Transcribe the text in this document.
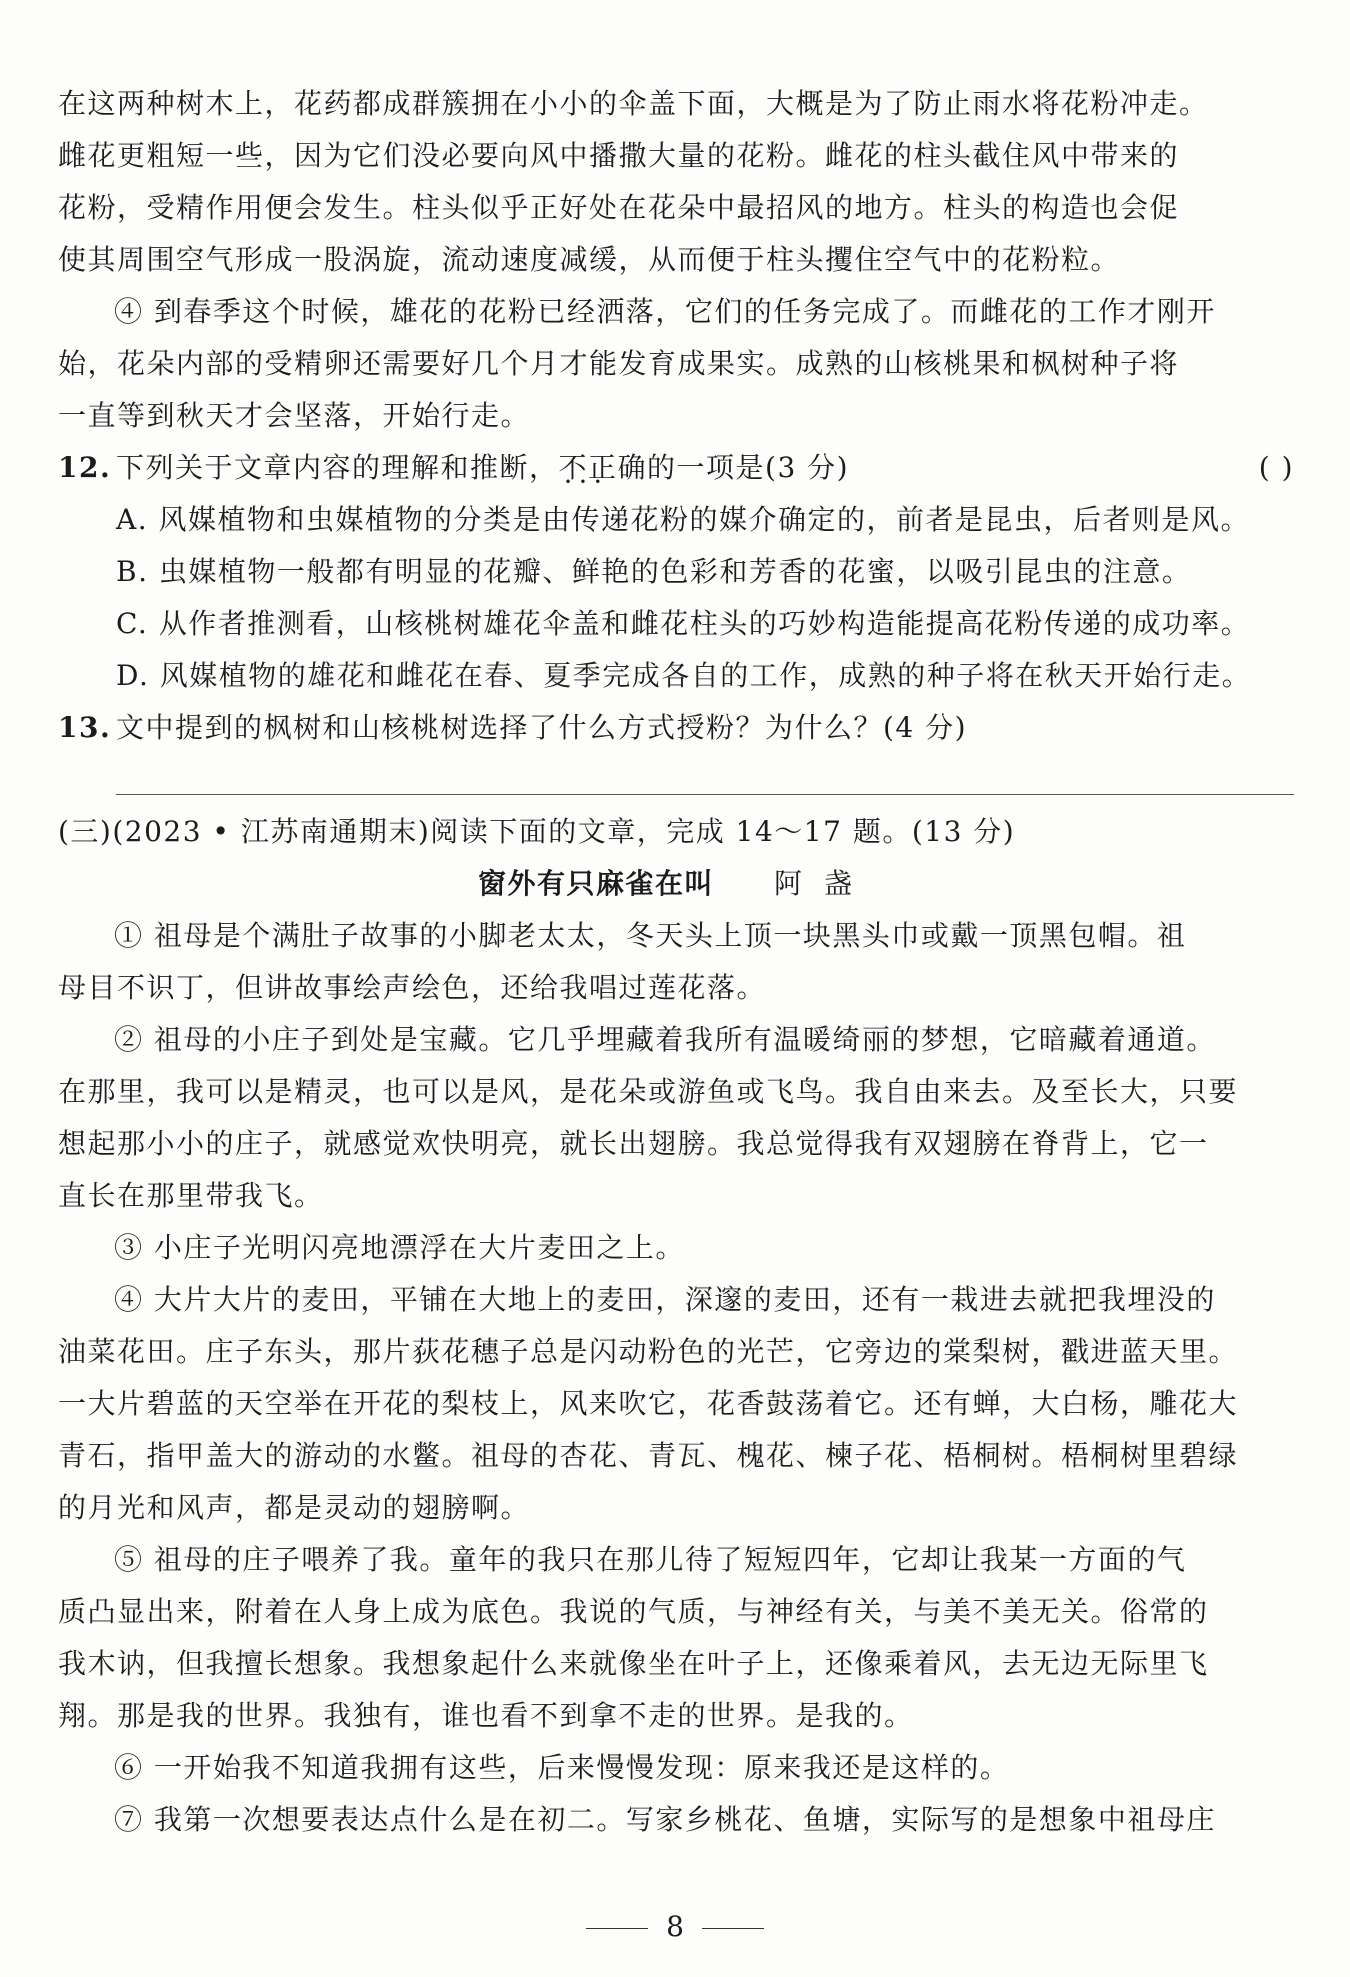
在这两种树木上，花药都成群簇拥在小小的伞盖下面，大概是为了防止雨水将花粉冲走。
雌花更粗短一些，因为它们没必要向风中播撒大量的花粉。雌花的柱头截住风中带来的
花粉，受精作用便会发生。柱头似乎正好处在花朵中最招风的地方。柱头的构造也会促
使其周围空气形成一股涡旋，流动速度减缓，从而便于柱头攫住空气中的花粉粒。
④ 到春季这个时候，雄花的花粉已经洒落，它们的任务完成了。而雌花的工作才刚开
始，花朵内部的受精卵还需要好几个月才能发育成果实。成熟的山核桃果和枫树种子将
一直等到秋天才会坚落，开始行走。
12. 下列关于文章内容的理解和推断，不正确 • • •的一项是(3 分)	( )
A. 风媒植物和虫媒植物的分类是由传递花粉的媒介确定的，前者是昆虫，后者则是风。
B. 虫媒植物一般都有明显的花瓣、鲜艳的色彩和芳香的花蜜，以吸引昆虫的注意。
C. 从作者推测看，山核桃树雄花伞盖和雌花柱头的巧妙构造能提高花粉传递的成功率。
D. 风媒植物的雄花和雌花在春、夏季完成各自的工作，成熟的种子将在秋天开始行走。
13. 文中提到的枫树和山核桃树选择了什么方式授粉？为什么？(4 分)
(三)(2023 • 江苏南通期末)阅读下面的文章，完成 14～17 题。(13 分)
窗外有只麻雀在叫 阿盏
① 祖母是个满肚子故事的小脚老太太，冬天头上顶一块黑头巾或戴一顶黑包帽。祖
母目不识丁，但讲故事绘声绘色，还给我唱过莲花落。
② 祖母的小庄子到处是宝藏。它几乎埋藏着我所有温暖绮丽的梦想，它暗藏着通道。
在那里，我可以是精灵，也可以是风，是花朵或游鱼或飞鸟。我自由来去。及至长大，只要
想起那小小的庄子，就感觉欢快明亮，就长出翅膀。我总觉得我有双翅膀在脊背上，它一
直长在那里带我飞。
③ 小庄子光明闪亮地漂浮在大片麦田之上。
④ 大片大片的麦田，平铺在大地上的麦田，深邃的麦田，还有一栽进去就把我埋没的
油菜花田。庄子东头，那片荻花穗子总是闪动粉色的光芒，它旁边的棠梨树，戳进蓝天里。
一大片碧蓝的天空举在开花的梨枝上，风来吹它，花香鼓荡着它。还有蝉，大白杨，雕花大
青石，指甲盖大的游动的水鳖。祖母的杏花、青瓦、槐花、楝子花、梧桐树。梧桐树里碧绿
的月光和风声，都是灵动的翅膀啊。
⑤ 祖母的庄子喂养了我。童年的我只在那儿待了短短四年，它却让我某一方面的气
质凸显出来，附着在人身上成为底色。我说的气质，与神经有关，与美不美无关。俗常的
我木讷，但我擅长想象。我想象起什么来就像坐在叶子上，还像乘着风，去无边无际里飞
翔。那是我的世界。我独有，谁也看不到拿不走的世界。是我的。
⑥ 一开始我不知道我拥有这些，后来慢慢发现：原来我还是这样的。
⑦ 我第一次想要表达点什么是在初二。写家乡桃花、鱼塘，实际写的是想象中祖母庄
8
